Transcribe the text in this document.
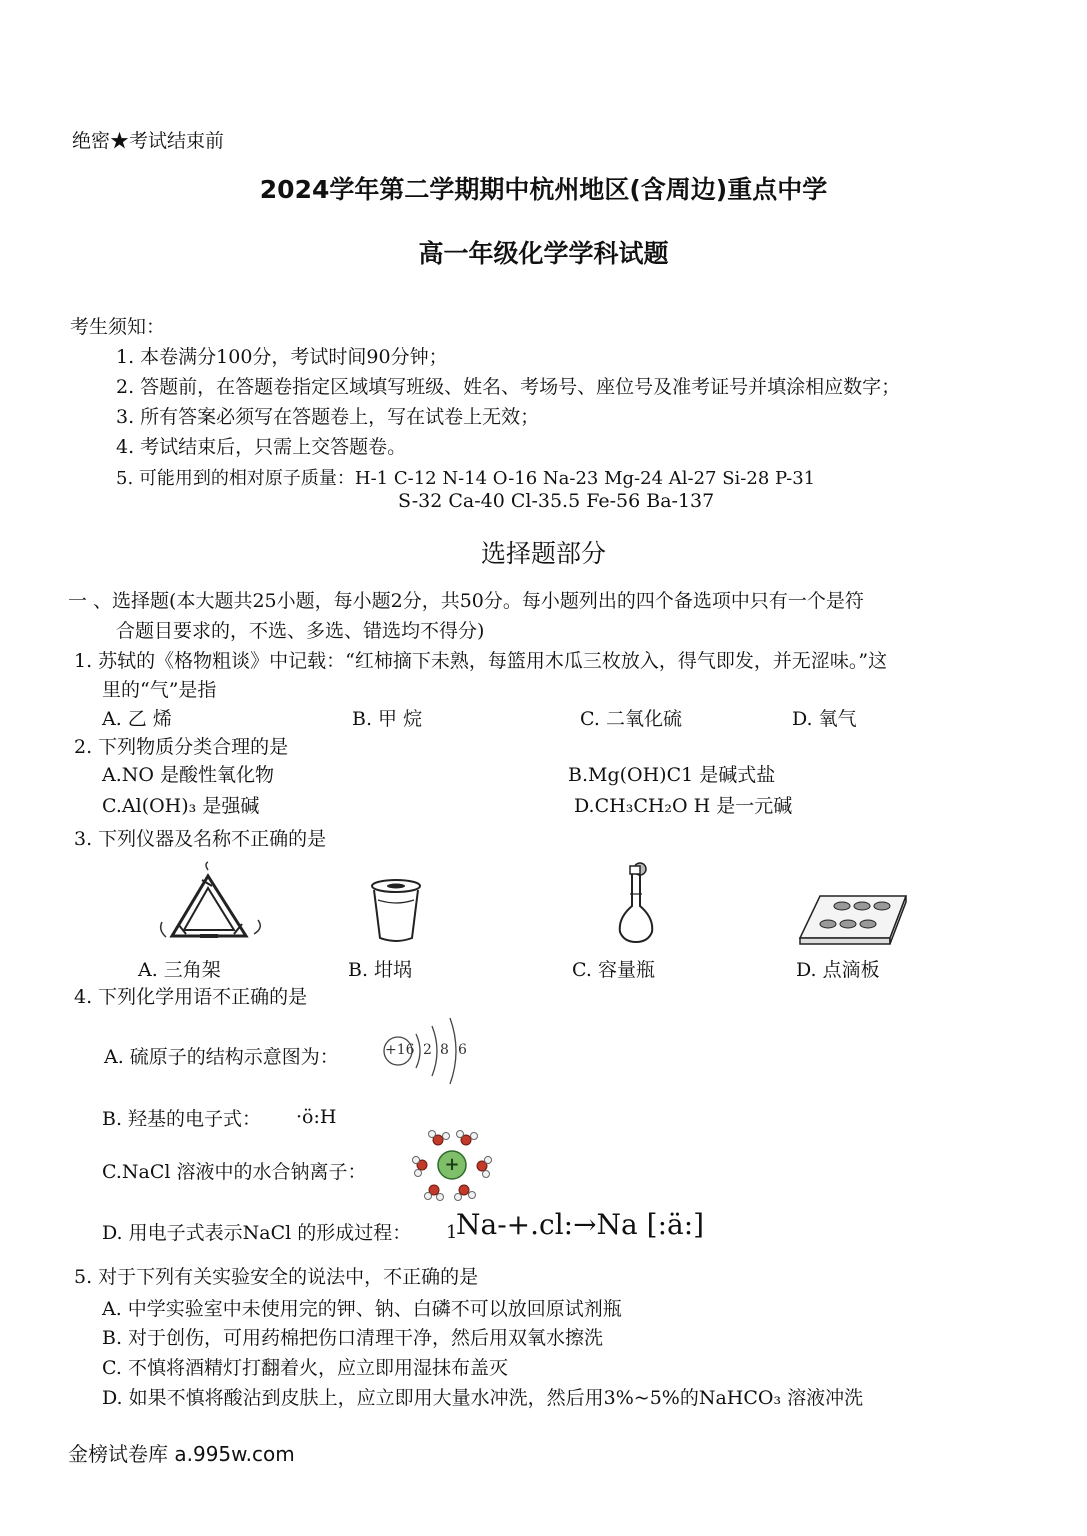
绝密★考试结束前
2024学年第二学期期中杭州地区(含周边)重点中学
高一年级化学学科试题
考生须知：
1. 本卷满分100分，考试时间90分钟；
2. 答题前，在答题卷指定区域填写班级、姓名、考场号、座位号及准考证号并填涂相应数字；
3. 所有答案必须写在答题卷上，写在试卷上无效；
4. 考试结束后，只需上交答题卷。
5. 可能用到的相对原子质量：H-1 C-12 N-14 O-16 Na-23 Mg-24 Al-27 Si-28 P-31
S-32 Ca-40 Cl-35.5 Fe-56 Ba-137
选择题部分
一 、选择题(本大题共25小题，每小题2分，共50分。每小题列出的四个备选项中只有一个是符
合题目要求的，不选、多选、错选均不得分)
1. 苏轼的《格物粗谈》中记载：“红柿摘下未熟，每篮用木瓜三枚放入，得气即发，并无涩味。”这
里的“气”是指
A. 乙 烯	B. 甲 烷	C. 二氧化硫	D. 氧气
2. 下列物质分类合理的是
A.NO 是酸性氧化物	B.Mg(OH)C1 是碱式盐
C.Al(OH)₃ 是强碱	D.CH₃CH₂O H 是一元碱
3. 下列仪器及名称不正确的是
A. 三角架	B. 坩埚	C. 容量瓶	D. 点滴板
4. 下列化学用语不正确的是
A. 硫原子的结构示意图为：	+16 2 8 6
B. 羟基的电子式： ·ö:H
C.NaCl 溶液中的水合钠离子：	+
D. 用电子式表示NaCl 的形成过程： 1
Na-+.cl:→Na [:ä:]
5. 对于下列有关实验安全的说法中，不正确的是
A. 中学实验室中未使用完的钾、钠、白磷不可以放回原试剂瓶
B. 对于创伤，可用药棉把伤口清理干净，然后用双氧水擦洗
C. 不慎将酒精灯打翻着火，应立即用湿抹布盖灭
D. 如果不慎将酸沾到皮肤上，应立即用大量水冲洗，然后用3%~5%的NaHCO₃ 溶液冲洗
金榜试卷库 a.995w.com
